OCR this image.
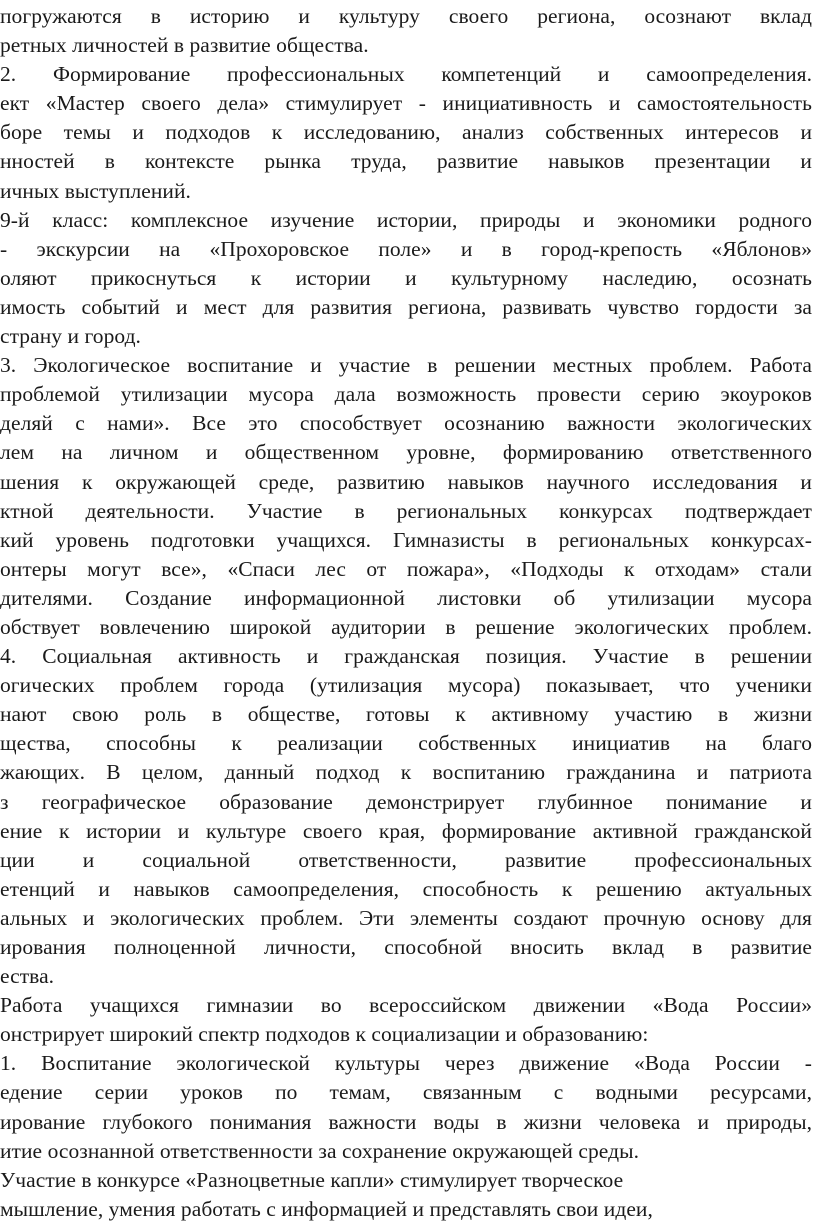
погружаются в историю и культуру своего региона, осознают вклад
ретных личностей в развитие общества.
2. Формирование профессиональных компетенций и самоопределения.
ект «Мастер своего дела» стимулирует - инициативность и самостоятельность
боре темы и подходов к исследованию, анализ собственных интересов и
нностей в контексте рынка труда, развитие навыков презентации и
ичных выступлений.
9-й класс: комплексное изучение истории, природы и экономики родного
- экскурсии на «Прохоровское поле» и в город-крепость «Яблонов»
оляют прикоснуться к истории и культурному наследию, осознать
имость событий и мест для развития региона, развивать чувство гордости за
страну и город.
3. Экологическое воспитание и участие в решении местных проблем. Работа
проблемой утилизации мусора дала возможность провести серию экоуроков
деляй с нами». Все это способствует осознанию важности экологических
лем на личном и общественном уровне, формированию ответственного
шения к окружающей среде, развитию навыков научного исследования и
ктной деятельности. Участие в региональных конкурсах подтверждает
кий уровень подготовки учащихся. Гимназисты в региональных конкурсах-
онтеры могут все», «Спаси лес от пожара», «Подходы к отходам» стали
дителями. Создание информационной листовки об утилизации мусора
обствует вовлечению широкой аудитории в решение экологических проблем.
4. Социальная активность и гражданская позиция. Участие в решении
огических проблем города (утилизация мусора) показывает, что ученики
нают свою роль в обществе, готовы к активному участию в жизни
щества, способны к реализации собственных инициатив на благо
жающих. В целом, данный подход к воспитанию гражданина и патриота
з географическое образование демонстрирует глубинное понимание и
ение к истории и культуре своего края, формирование активной гражданской
ции и социальной ответственности, развитие профессиональных
етенций и навыков самоопределения, способность к решению актуальных
альных и экологических проблем. Эти элементы создают прочную основу для
ирования полноценной личности, способной вносить вклад в развитие
ества.
Работа учащихся гимназии во всероссийском движении «Вода России»
онстрирует широкий спектр подходов к социализации и образованию:
1. Воспитание экологической культуры через движение «Вода России -
едение серии уроков по темам, связанным с водными ресурсами,
ирование глубокого понимания важности воды в жизни человека и природы,
итие осознанной ответственности за сохранение окружающей среды.
Участие в конкурсе «Разноцветные капли» стимулирует творческое
мышление, умения работать с информацией и представлять свои идеи,
